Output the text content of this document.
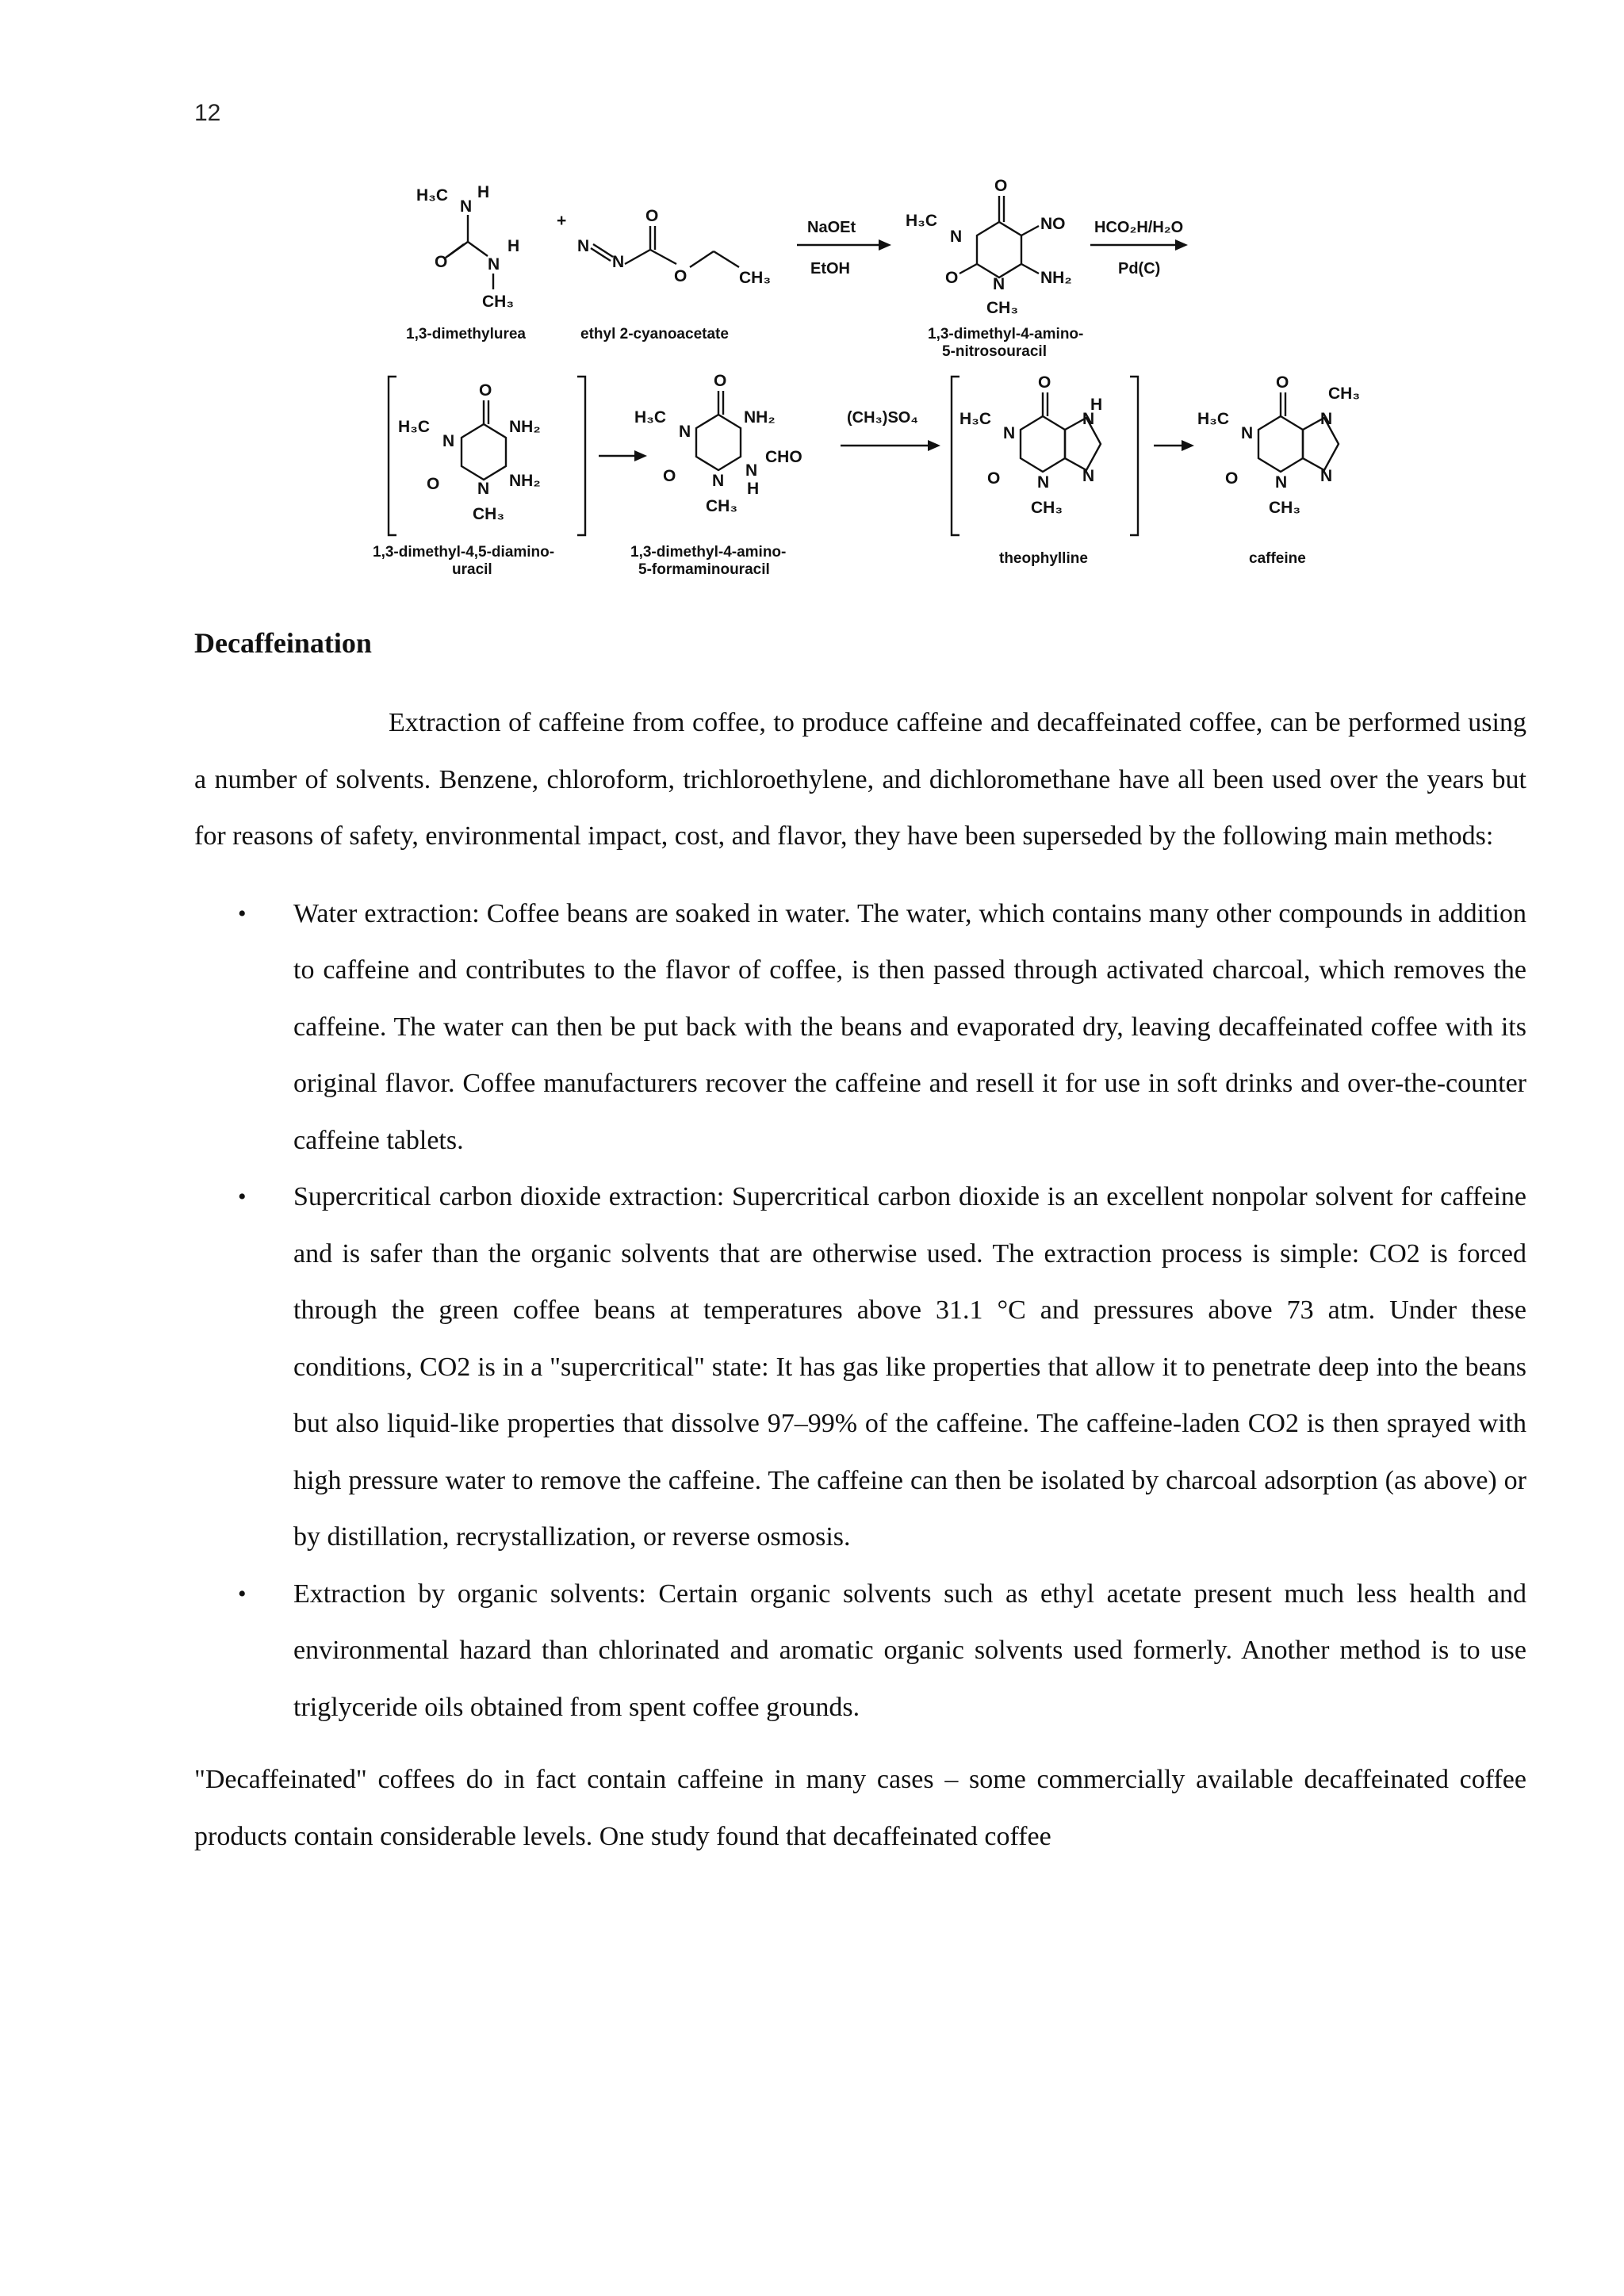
12
H₃C
N
H
O N
H
CH₃
1,3-dimethylurea
+
N
N
O
O	CH₃
ethyl 2-cyanoacetate
NaOEt
EtOH
H₃C
N
O
NO
NH₂
O N
CH₃
1,3-dimethyl-4-amino-
5-nitrosouracil
HCO₂H/H₂O
Pd(C)
H₃C
N
O
NH₂
NH₂
O N
CH₃
1,3-dimethyl-4,5-diamino-
uracil
H₃C
N
O
NH₂
N
CHO
H
O N
CH₃
1,3-dimethyl-4-amino-
5-formaminouracil
(CH₃)SO₄ H₃C
N
O
H
N
N
O N
CH₃
theophylline
H₃C
N
O
CH₃
N
N
O N
CH₃
caffeine
Decaffeination

Extraction of caffeine from coffee, to produce caffeine and decaffeinated coffee, can be performed using a number of solvents. Benzene, chloroform, trichloroethylene, and dichloromethane have all been used over the years but for reasons of safety, environmental impact, cost, and flavor, they have been superseded by the following main methods:

• Water extraction: Coffee beans are soaked in water. The water, which contains many other compounds in addition to caffeine and contributes to the flavor of coffee, is then passed through activated charcoal, which removes the caffeine. The water can then be put back with the beans and evaporated dry, leaving decaffeinated coffee with its original flavor. Coffee manufacturers recover the caffeine and resell it for use in soft drinks and over-the-counter caffeine tablets.
• Supercritical carbon dioxide extraction: Supercritical carbon dioxide is an excellent nonpolar solvent for caffeine and is safer than the organic solvents that are otherwise used. The extraction process is simple: CO2 is forced through the green coffee beans at temperatures above 31.1 °C and pressures above 73 atm. Under these conditions, CO2 is in a "supercritical" state: It has gas like properties that allow it to penetrate deep into the beans but also liquid-like properties that dissolve 97–99% of the caffeine. The caffeine-laden CO2 is then sprayed with high pressure water to remove the caffeine. The caffeine can then be isolated by charcoal adsorption (as above) or by distillation, recrystallization, or reverse osmosis.
• Extraction by organic solvents: Certain organic solvents such as ethyl acetate present much less health and environmental hazard than chlorinated and aromatic organic solvents used formerly. Another method is to use triglyceride oils obtained from spent coffee grounds.

"Decaffeinated" coffees do in fact contain caffeine in many cases – some commercially available decaffeinated coffee products contain considerable levels. One study found that decaffeinated coffee
